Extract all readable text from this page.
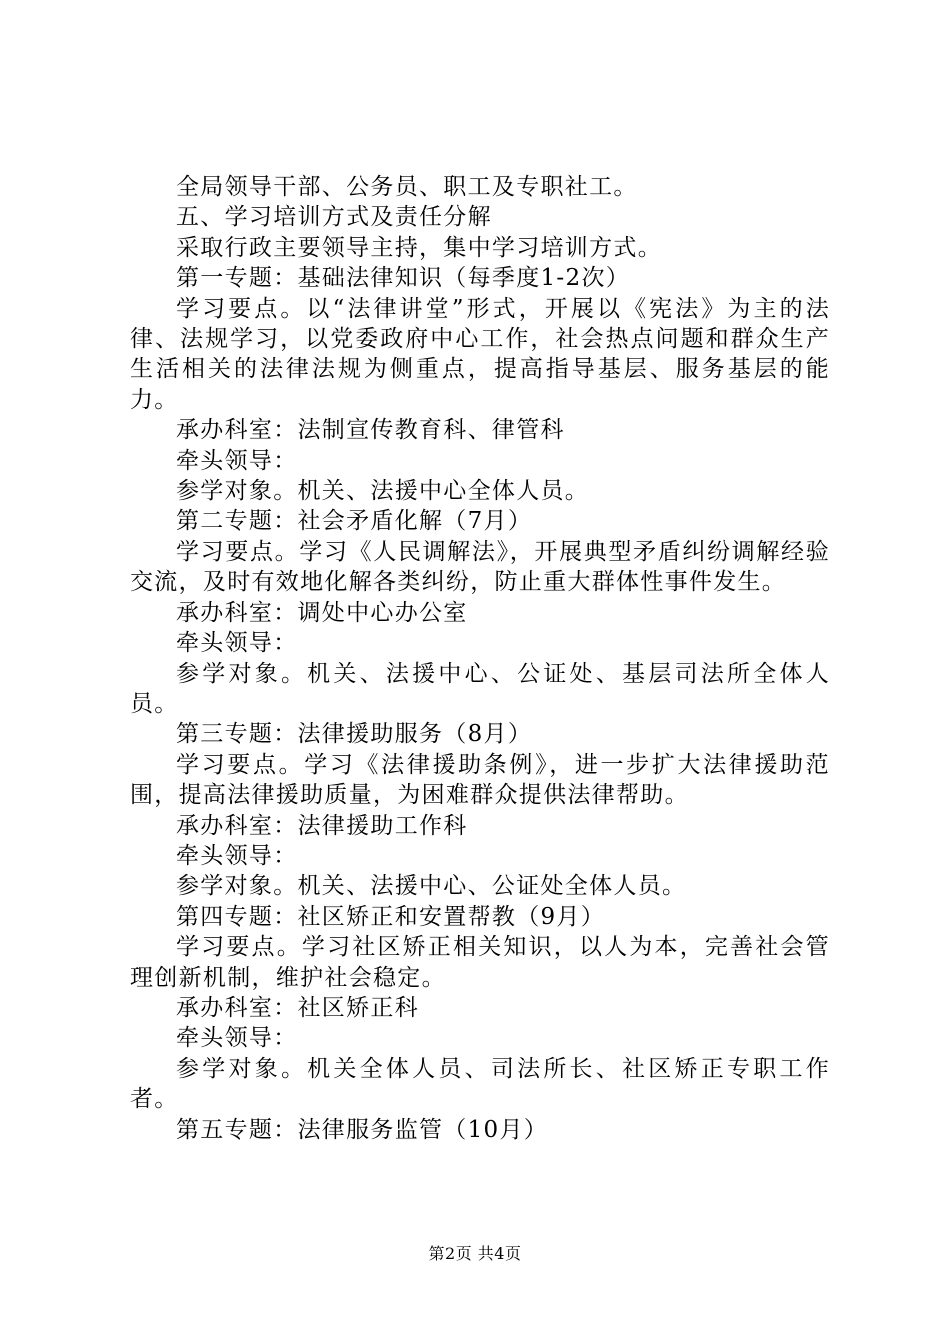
全局领导干部、公务员、职工及专职社工。

五、学习培训方式及责任分解

采取行政主要领导主持，集中学习培训方式。

第一专题：基础法律知识（每季度1-2次）

学习要点。以“法律讲堂”形式，开展以《宪法》为主的法律、法规学习，以党委政府中心工作，社会热点问题和群众生产生活相关的法律法规为侧重点，提高指导基层、服务基层的能力。

承办科室：法制宣传教育科、律管科

牵头领导：

参学对象。机关、法援中心全体人员。

第二专题：社会矛盾化解（7月）

学习要点。学习《人民调解法》，开展典型矛盾纠纷调解经验交流，及时有效地化解各类纠纷，防止重大群体性事件发生。

承办科室：调处中心办公室

牵头领导：

参学对象。机关、法援中心、公证处、基层司法所全体人员。

第三专题：法律援助服务（8月）

学习要点。学习《法律援助条例》，进一步扩大法律援助范围，提高法律援助质量，为困难群众提供法律帮助。

承办科室：法律援助工作科

牵头领导：

参学对象。机关、法援中心、公证处全体人员。

第四专题：社区矫正和安置帮教（9月）

学习要点。学习社区矫正相关知识，以人为本，完善社会管理创新机制，维护社会稳定。

承办科室：社区矫正科

牵头领导：

参学对象。机关全体人员、司法所长、社区矫正专职工作者。

第五专题：法律服务监管（10月）

第2页 共4页
